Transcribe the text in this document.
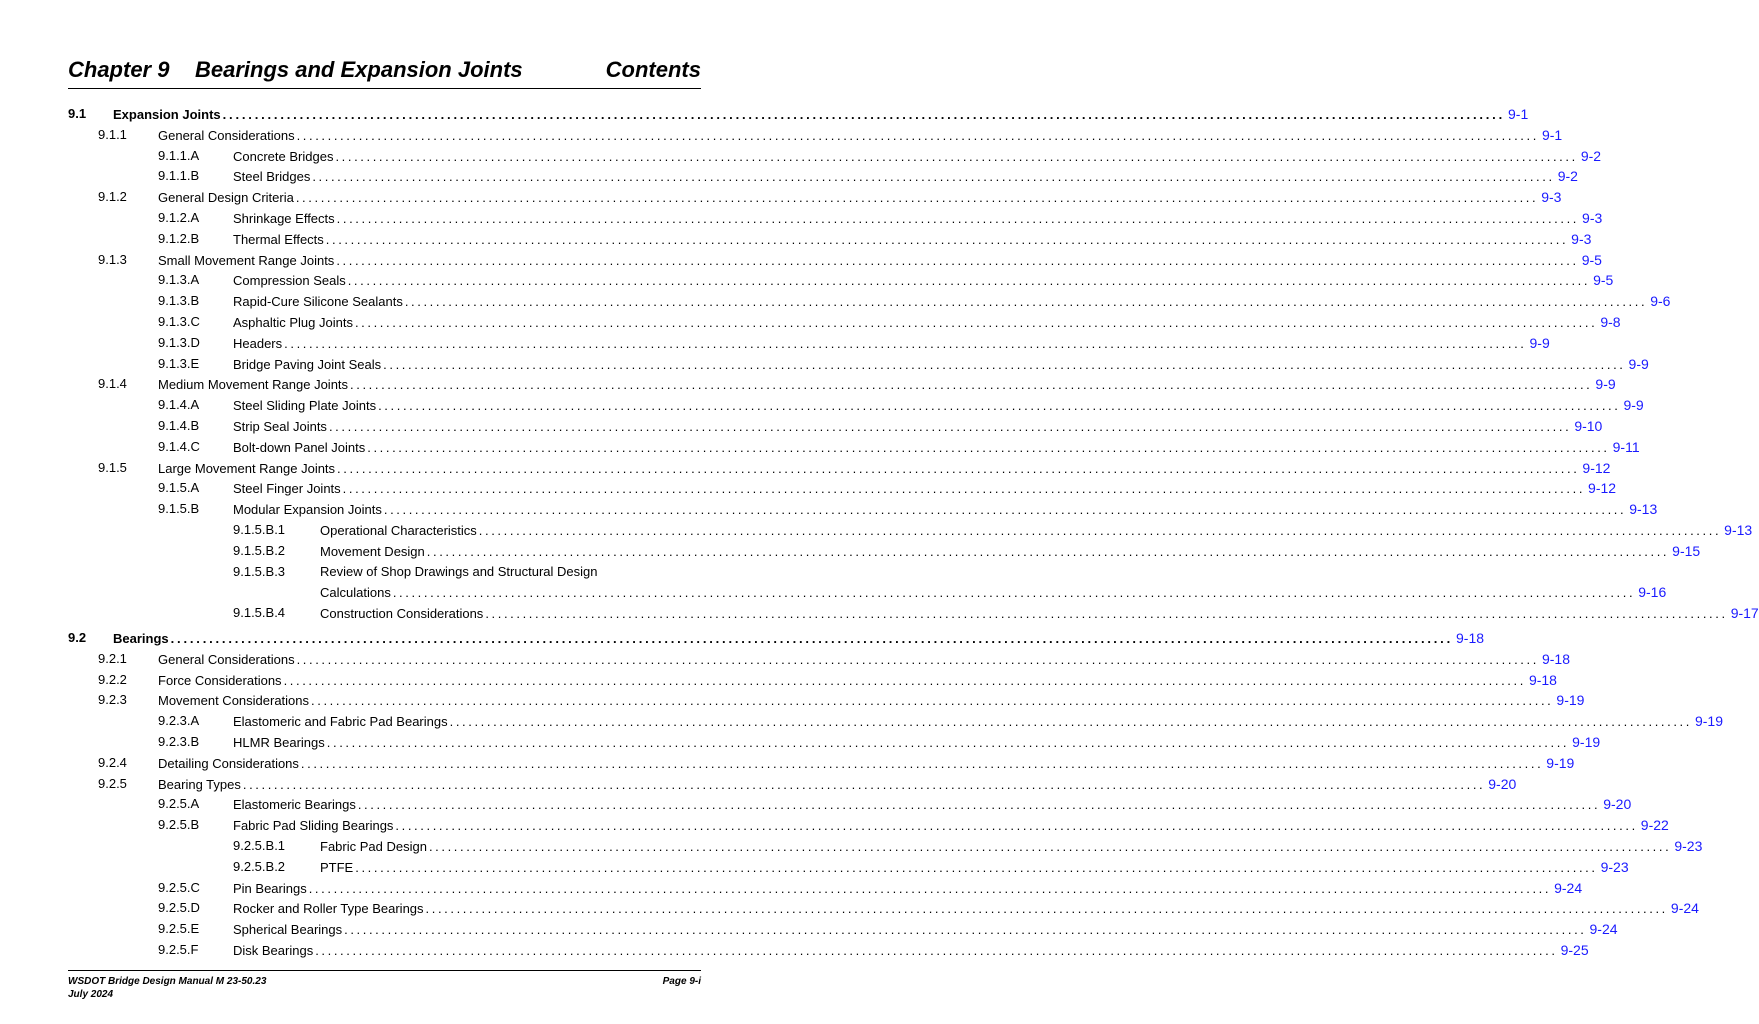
Chapter 9 Bearings and Expansion Joints	Contents
9.1 Expansion Joints ........................................................................................................................................................................................................ 9-1
9.1.1 General Considerations ........................................................................................................................................................................................................ 9-1
9.1.1.A	Concrete Bridges ........................................................................................................................................................................................................ 9-2
9.1.1.B	Steel Bridges ........................................................................................................................................................................................................ 9-2
9.1.2 General Design Criteria ........................................................................................................................................................................................................ 9-3
9.1.2.A	Shrinkage Effects ........................................................................................................................................................................................................ 9-3
9.1.2.B	Thermal Effects ........................................................................................................................................................................................................ 9-3
9.1.3 Small Movement Range Joints ........................................................................................................................................................................................................ 9-5
9.1.3.A	Compression Seals ........................................................................................................................................................................................................ 9-5
9.1.3.B	Rapid-Cure Silicone Sealants ........................................................................................................................................................................................................ 9-6
9.1.3.C	Asphaltic Plug Joints ........................................................................................................................................................................................................ 9-8
9.1.3.D	Headers ........................................................................................................................................................................................................ 9-9
9.1.3.E	Bridge Paving Joint Seals ........................................................................................................................................................................................................ 9-9
9.1.4 Medium Movement Range Joints ........................................................................................................................................................................................................ 9-9
9.1.4.A	Steel Sliding Plate Joints ........................................................................................................................................................................................................ 9-9
9.1.4.B	Strip Seal Joints ........................................................................................................................................................................................................ 9-10
9.1.4.C	Bolt-down Panel Joints ........................................................................................................................................................................................................ 9-11
9.1.5 Large Movement Range Joints ........................................................................................................................................................................................................ 9-12
9.1.5.A	Steel Finger Joints ........................................................................................................................................................................................................ 9-12
9.1.5.B	Modular Expansion Joints ........................................................................................................................................................................................................ 9-13
9.1.5.B.1	Operational Characteristics ........................................................................................................................................................................................................ 9-13
9.1.5.B.2	Movement Design ........................................................................................................................................................................................................ 9-15
9.1.5.B.3	Review of Shop Drawings and Structural Design
Calculations ........................................................................................................................................................................................................ 9-16
9.1.5.B.4	Construction Considerations ........................................................................................................................................................................................................ 9-17
9.2 Bearings ........................................................................................................................................................................................................ 9-18
9.2.1 General Considerations ........................................................................................................................................................................................................ 9-18
9.2.2 Force Considerations ........................................................................................................................................................................................................ 9-18
9.2.3 Movement Considerations ........................................................................................................................................................................................................ 9-19
9.2.3.A	Elastomeric and Fabric Pad Bearings ........................................................................................................................................................................................................ 9-19
9.2.3.B	HLMR Bearings ........................................................................................................................................................................................................ 9-19
9.2.4 Detailing Considerations ........................................................................................................................................................................................................ 9-19
9.2.5 Bearing Types ........................................................................................................................................................................................................ 9-20
9.2.5.A	Elastomeric Bearings ........................................................................................................................................................................................................ 9-20
9.2.5.B	Fabric Pad Sliding Bearings ........................................................................................................................................................................................................ 9-22
9.2.5.B.1	Fabric Pad Design ........................................................................................................................................................................................................ 9-23
9.2.5.B.2	PTFE ........................................................................................................................................................................................................ 9-23
9.2.5.C	Pin Bearings ........................................................................................................................................................................................................ 9-24
9.2.5.D	Rocker and Roller Type Bearings ........................................................................................................................................................................................................ 9-24
9.2.5.E	Spherical Bearings ........................................................................................................................................................................................................ 9-24
9.2.5.F	Disk Bearings ........................................................................................................................................................................................................ 9-25
WSDOT Bridge Design Manual M 23-50.23
July 2024
Page 9-i
